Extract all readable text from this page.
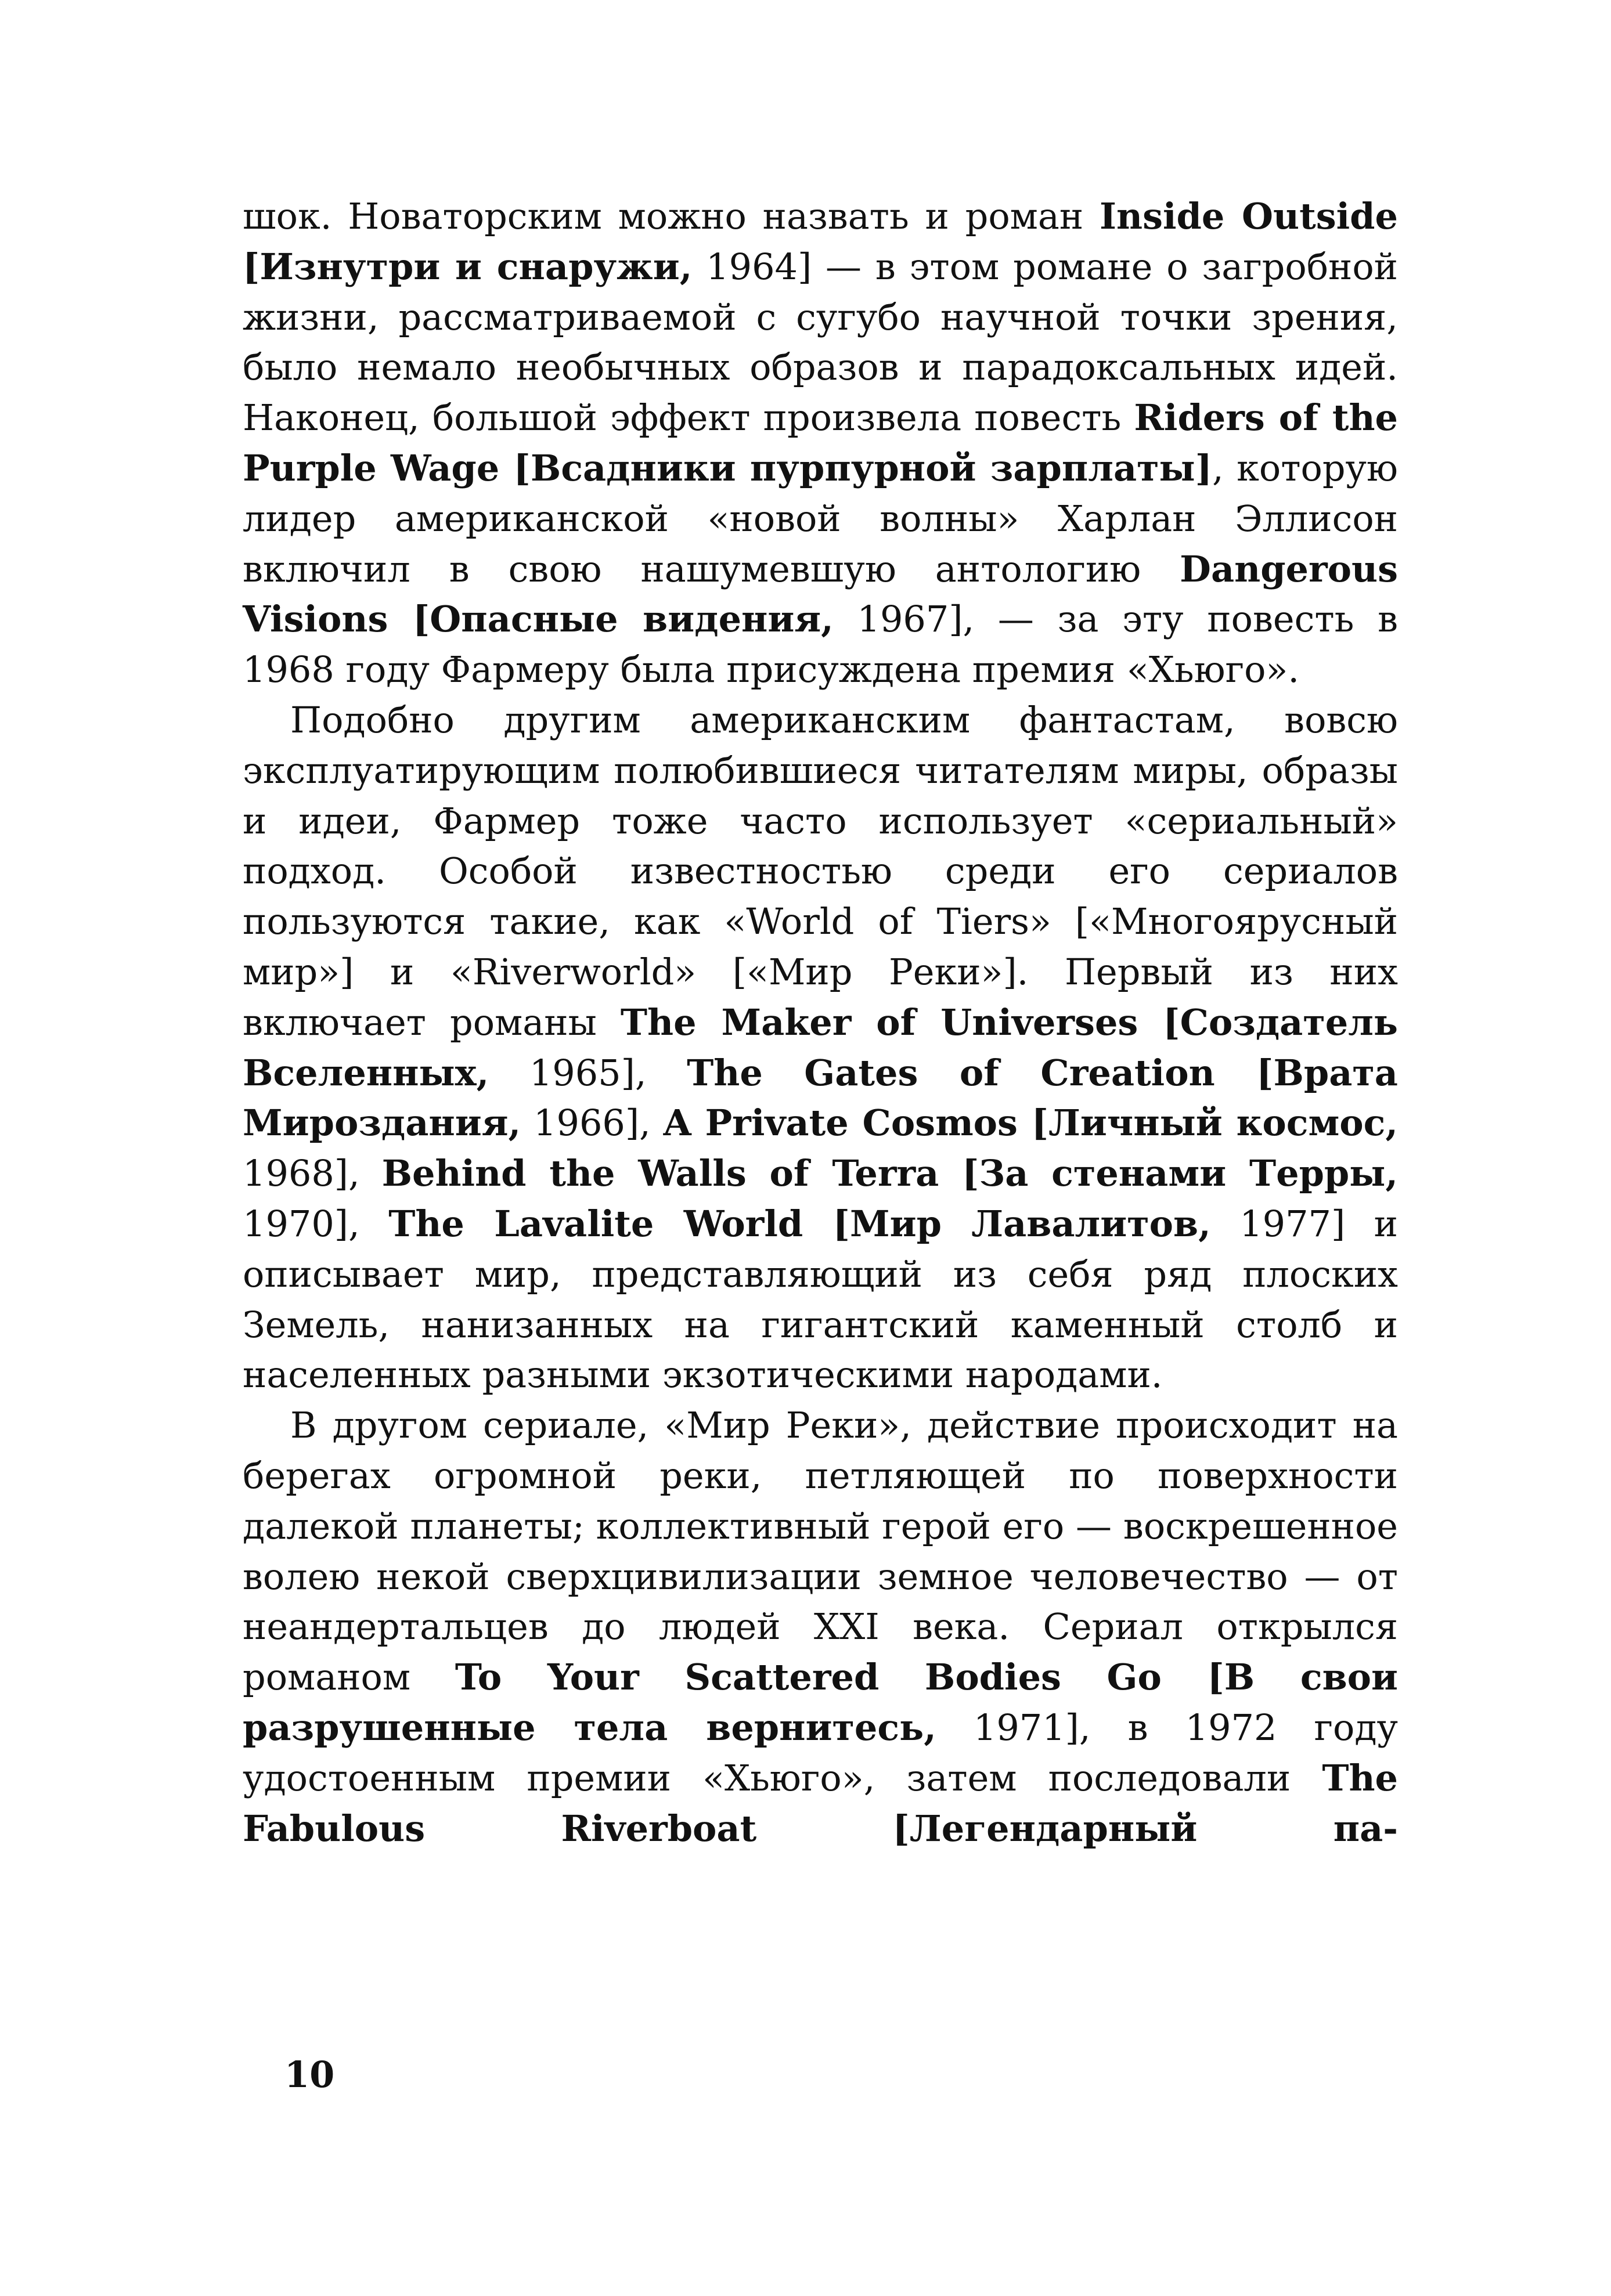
шок. Новаторским можно назвать и роман Inside Outside [Изнутри и снаружи, 1964] — в этом романе о загробной жизни, рассматриваемой с сугубо научной точки зрения, было немало необычных образов и парадоксальных идей. Наконец, большой эффект произвела повесть Riders of the Purple Wage [Всадники пурпурной зарплаты], которую лидер американской «новой волны» Харлан Эллисон включил в свою нашумевшую антологию Dangerous Visions [Опасные видения, 1967], — за эту повесть в 1968 году Фармеру была присуждена премия «Хьюго».

Подобно другим американским фантастам, вовсю эксплуатирующим полюбившиеся читателям миры, образы и идеи, Фармер тоже часто использует «сериальный» подход. Особой известностью среди его сериалов пользуются такие, как «World of Tiers» [«Многоярусный мир»] и «Riverworld» [«Мир Реки»]. Первый из них включает романы The Maker of Universes [Создатель Вселенных, 1965], The Gates of Creation [Врата Мироздания, 1966], A Private Cosmos [Личный космос, 1968], Behind the Walls of Terra [За стенами Терры, 1970], The Lavalite World [Мир Лавалитов, 1977] и описывает мир, представляющий из себя ряд плоских Земель, нанизанных на гигантский каменный столб и населенных разными экзотическими народами.

В другом сериале, «Мир Реки», действие происходит на берегах огромной реки, петляющей по поверхности далекой планеты; коллективный герой его — воскрешенное волею некой сверхцивилизации земное человечество — от неандертальцев до людей XXI века. Сериал открылся романом To Your Scattered Bodies Go [В свои разрушенные тела вернитесь, 1971], в 1972 году удостоенным премии «Хьюго», затем последовали The Fabulous Riverboat [Легендарный па-

10
